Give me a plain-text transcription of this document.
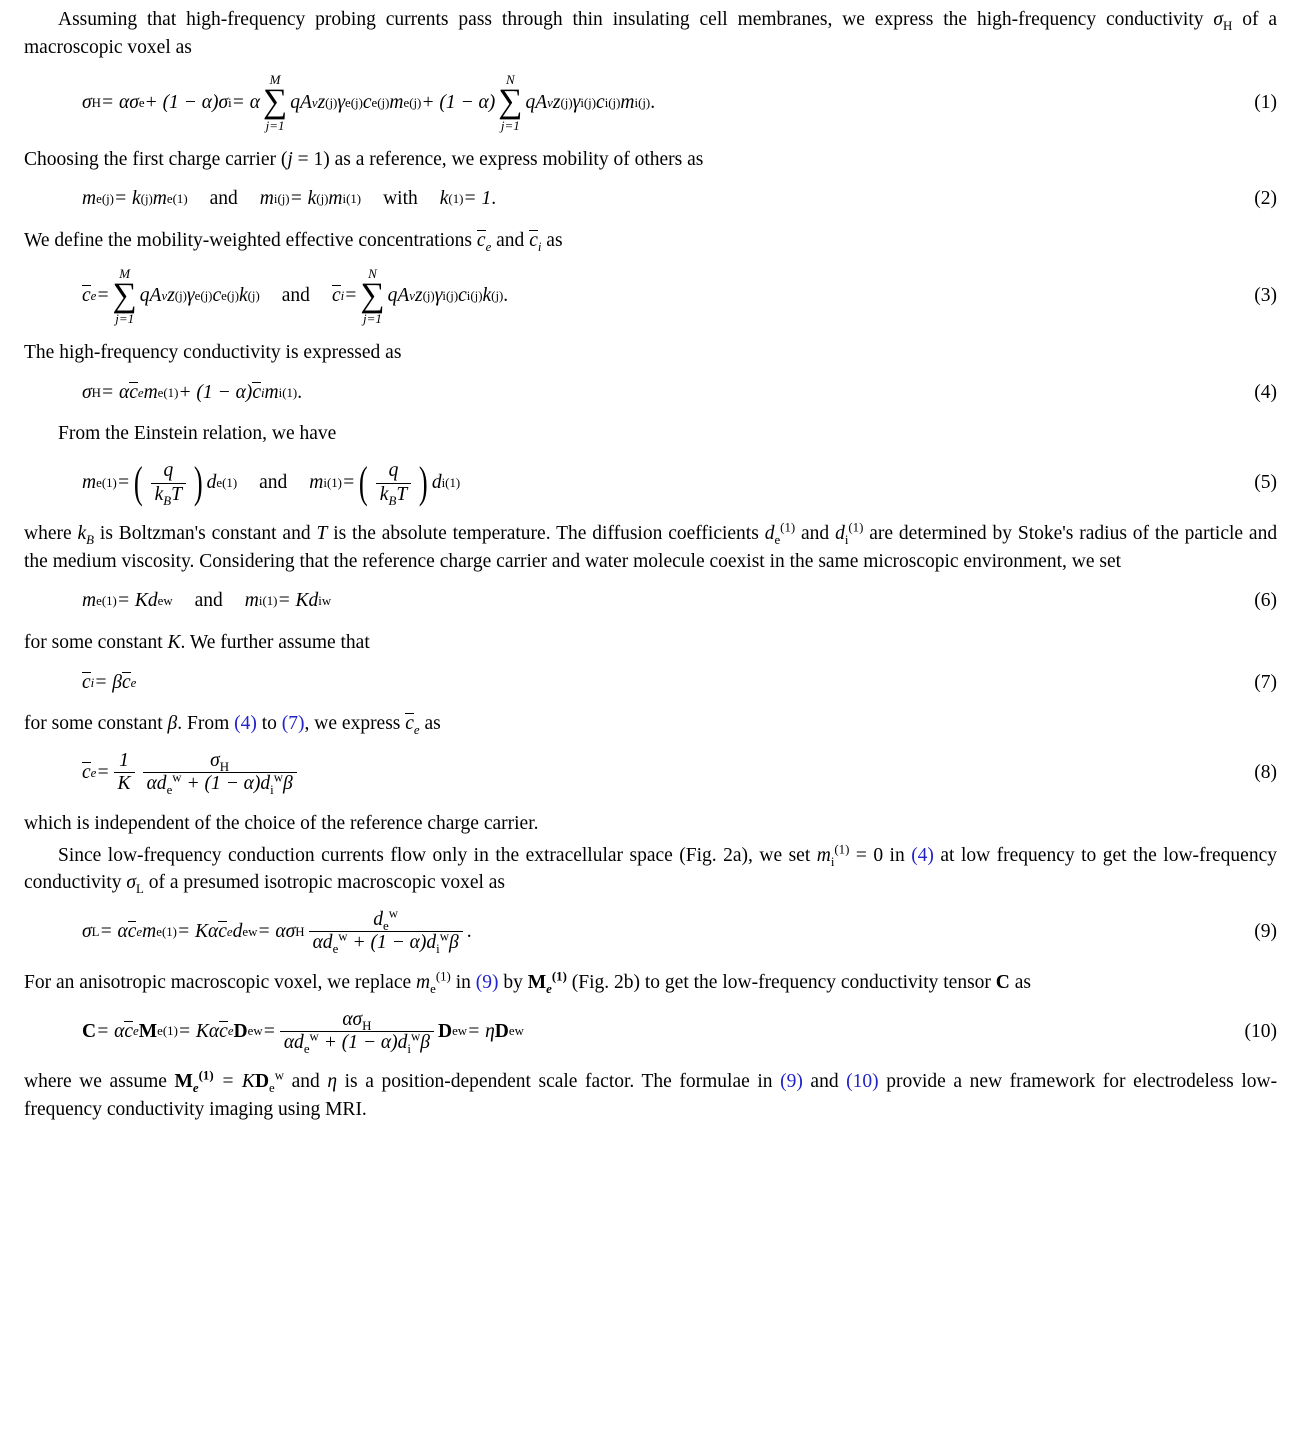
Assuming that high-frequency probing currents pass through thin insulating cell membranes, we express the high-frequency conductivity $\sigma_H$ of a macroscopic voxel as

σ H = ασ e + (1 − α)σ i = α
M
∑
j=1
qA v z (j) γ e (j) c e (j) m e (j) + (1 − α)
N
∑
j=1
qA v z (j) γ i (j) c i (j) m i (j) .	(1)

Choosing the first charge carrier (j = 1) as a reference, we express mobility of others as

m e (j) = k (j) m e (1) and m i (j) = k (j) m i (1) with k (1) = 1 .	(2)

We define the mobility-weighted effective concentrations $c_e$ and $c_i$ as

c e =
M
∑
j=1
qA v z (j) γ e (j) c e (j) k (j) and c i =
N
∑
j=1
qA v z (j) γ i (j) c i (j) k (j) .	(3)

The high-frequency conductivity is expressed as

σ H = α c e m e (1) + (1 − α) c i m i (1) .	(4)

From the Einstein relation, we have

m e (1) = ( $\frac{q}{k_BT}$ ) d e (1) and m i (1) = ( $\frac{q}{k_BT}$ ) d i (1)	(5)

where $k_B$ is Boltzman's constant and T is the absolute temperature. The diffusion coefficients $d_e^{(1)}$ and $d_i^{(1)}$ are determined by Stoke's radius of the particle and the medium viscosity. Considering that the reference charge carrier and water molecule coexist in the same microscopic environment, we set

m e (1) = Kd e w and m i (1) = Kd i w	(6)

for some constant K. We further assume that

c i = β c e	(7)

for some constant β. From (4) to (7), we express $c_e$ as

c $e = \frac{1}{K} \frac{\sigma_H}{\alpha d_e^w + (1 - \alpha)d_i^w\beta}$	(8)

which is independent of the choice of the reference charge carrier.

Since low-frequency conduction currents flow only in the extracellular space (Fig. 2a), we set $m_i^{(1)} = 0$ in (4) at low frequency to get the low-frequency conductivity $\sigma_L$ of a presumed isotropic macroscopic voxel as

σ L = α c e m e (1) = Kα c e d e w = ασ H $\frac{d_e^w}{\alpha d_e^w + (1 - \alpha)d_i^w\beta}$ .	(9)

For an anisotropic macroscopic voxel, we replace $m_e^{(1)}$ in (9) by $M_e^{(1)}$ (Fig. 2b) to get the low-frequency conductivity tensor C as

C = α c e M e (1) = Kα c e D e $w = \frac{\alpha\sigma_H}{\alpha d_e^w + (1 - \alpha)d_i^w\beta}$ D e w = η D e w	(10)

where we assume $M_e^{(1)} = KD_e^w$ and η is a position-dependent scale factor. The formulae in (9) and (10) provide a new framework for electrodeless low-frequency conductivity imaging using MRI.
